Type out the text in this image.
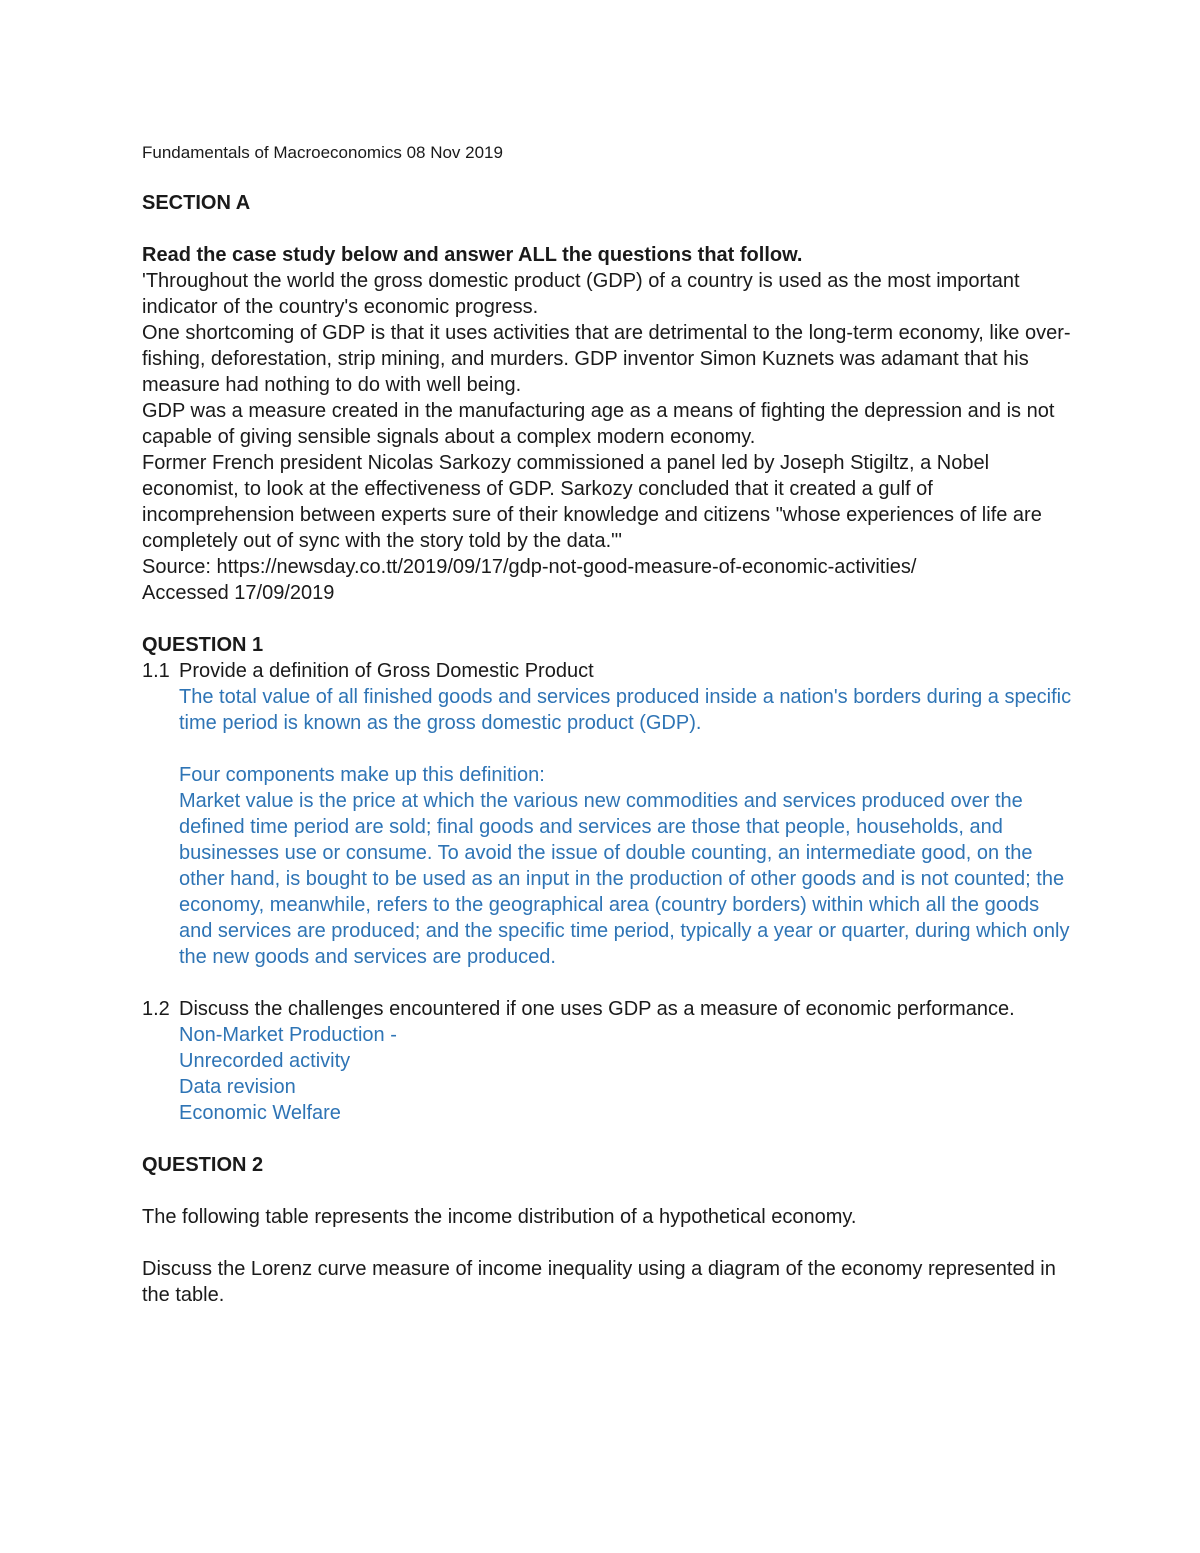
Fundamentals of Macroeconomics 08 Nov 2019

SECTION A

Read the case study below and answer ALL the questions that follow.

'Throughout the world the gross domestic product (GDP) of a country is used as the most important indicator of the country's economic progress.

One shortcoming of GDP is that it uses activities that are detrimental to the long-term economy, like over-fishing, deforestation, strip mining, and murders. GDP inventor Simon Kuznets was adamant that his measure had nothing to do with well being.

GDP was a measure created in the manufacturing age as a means of fighting the depression and is not capable of giving sensible signals about a complex modern economy.

Former French president Nicolas Sarkozy commissioned a panel led by Joseph Stigiltz, a Nobel economist, to look at the effectiveness of GDP. Sarkozy concluded that it created a gulf of incomprehension between experts sure of their knowledge and citizens "whose experiences of life are completely out of sync with the story told by the data."'

Source: https://newsday.co.tt/2019/09/17/gdp-not-good-measure-of-economic-activities/

Accessed 17/09/2019

QUESTION 1
1.1 Provide a definition of Gross Domestic Product

The total value of all finished goods and services produced inside a nation's borders during a specific time period is known as the gross domestic product (GDP).

Four components make up this definition:

Market value is the price at which the various new commodities and services produced over the defined time period are sold; final goods and services are those that people, households, and businesses use or consume. To avoid the issue of double counting, an intermediate good, on the other hand, is bought to be used as an input in the production of other goods and is not counted; the economy, meanwhile, refers to the geographical area (country borders) within which all the goods and services are produced; and the specific time period, typically a year or quarter, during which only the new goods and services are produced.

1.2 Discuss the challenges encountered if one uses GDP as a measure of economic performance.

Non-Market Production -

Unrecorded activity

Data revision

Economic Welfare

QUESTION 2

The following table represents the income distribution of a hypothetical economy.

Discuss the Lorenz curve measure of income inequality using a diagram of the economy represented in the table.
